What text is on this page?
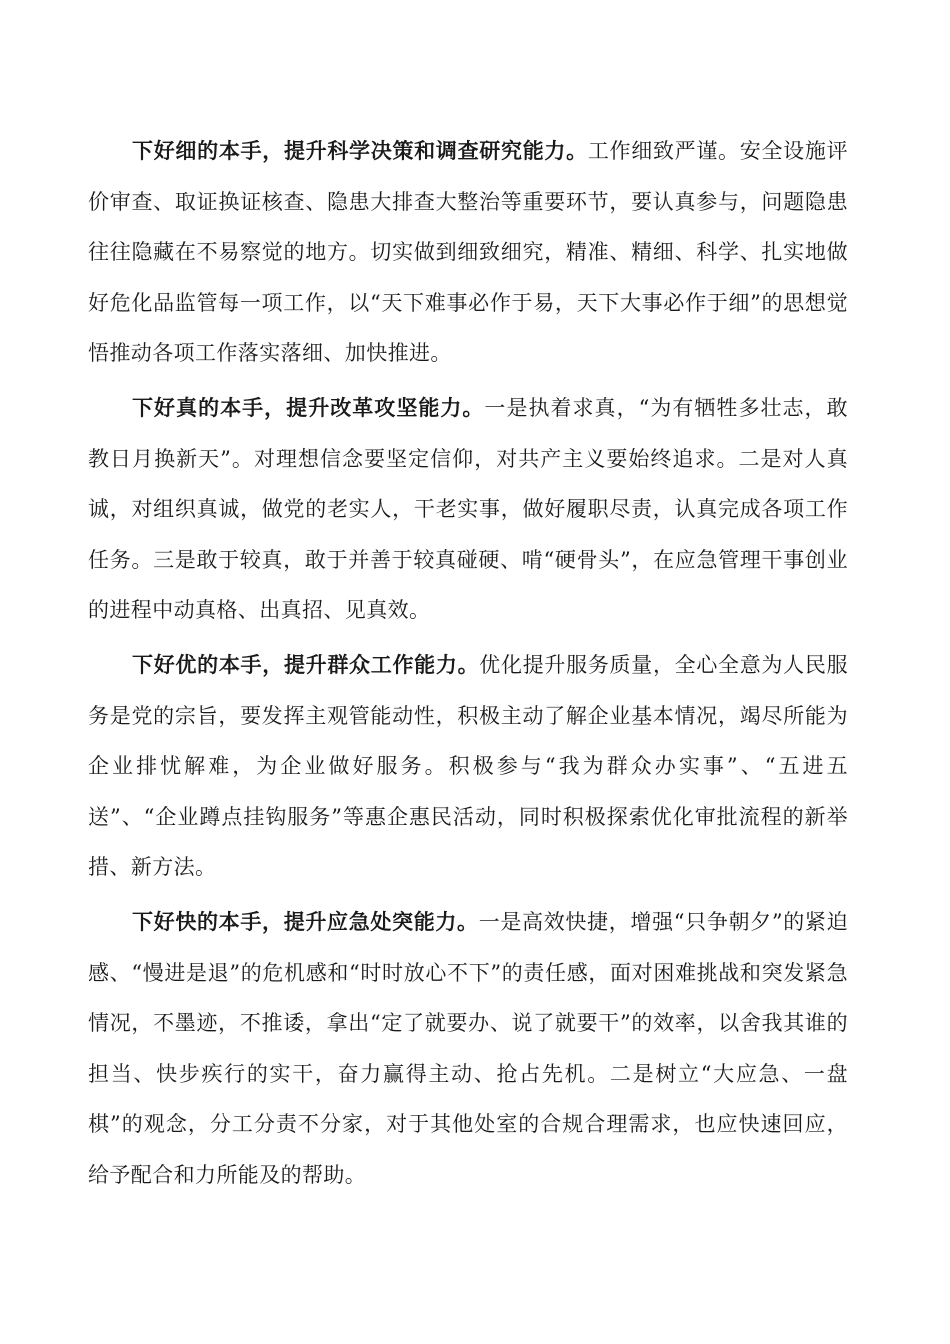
下好细的本手，提升科学决策和调查研究能力。工作细致严谨。安全设施评价审查、取证换证核查、隐患大排查大整治等重要环节，要认真参与，问题隐患往往隐藏在不易察觉的地方。切实做到细致细究，精准、精细、科学、扎实地做好危化品监管每一项工作，以“天下难事必作于易，天下大事必作于细”的思想觉悟推动各项工作落实落细、加快推进。

下好真的本手，提升改革攻坚能力。一是执着求真，“为有牺牲多壮志，敢教日月换新天”。对理想信念要坚定信仰，对共产主义要始终追求。二是对人真诚，对组织真诚，做党的老实人，干老实事，做好履职尽责，认真完成各项工作任务。三是敢于较真，敢于并善于较真碰硬、啃“硬骨头”，在应急管理干事创业的进程中动真格、出真招、见真效。

下好优的本手，提升群众工作能力。优化提升服务质量，全心全意为人民服务是党的宗旨，要发挥主观管能动性，积极主动了解企业基本情况，竭尽所能为企业排忧解难，为企业做好服务。积极参与“我为群众办实事”、“五进五送”、“企业蹲点挂钩服务”等惠企惠民活动，同时积极探索优化审批流程的新举措、新方法。

下好快的本手，提升应急处突能力。一是高效快捷，增强“只争朝夕”的紧迫感、“慢进是退”的危机感和“时时放心不下”的责任感，面对困难挑战和突发紧急情况，不墨迹，不推诿，拿出“定了就要办、说了就要干”的效率，以舍我其谁的担当、快步疾行的实干，奋力赢得主动、抢占先机。二是树立“大应急、一盘棋”的观念，分工分责不分家，对于其他处室的合规合理需求，也应快速回应，给予配合和力所能及的帮助。
